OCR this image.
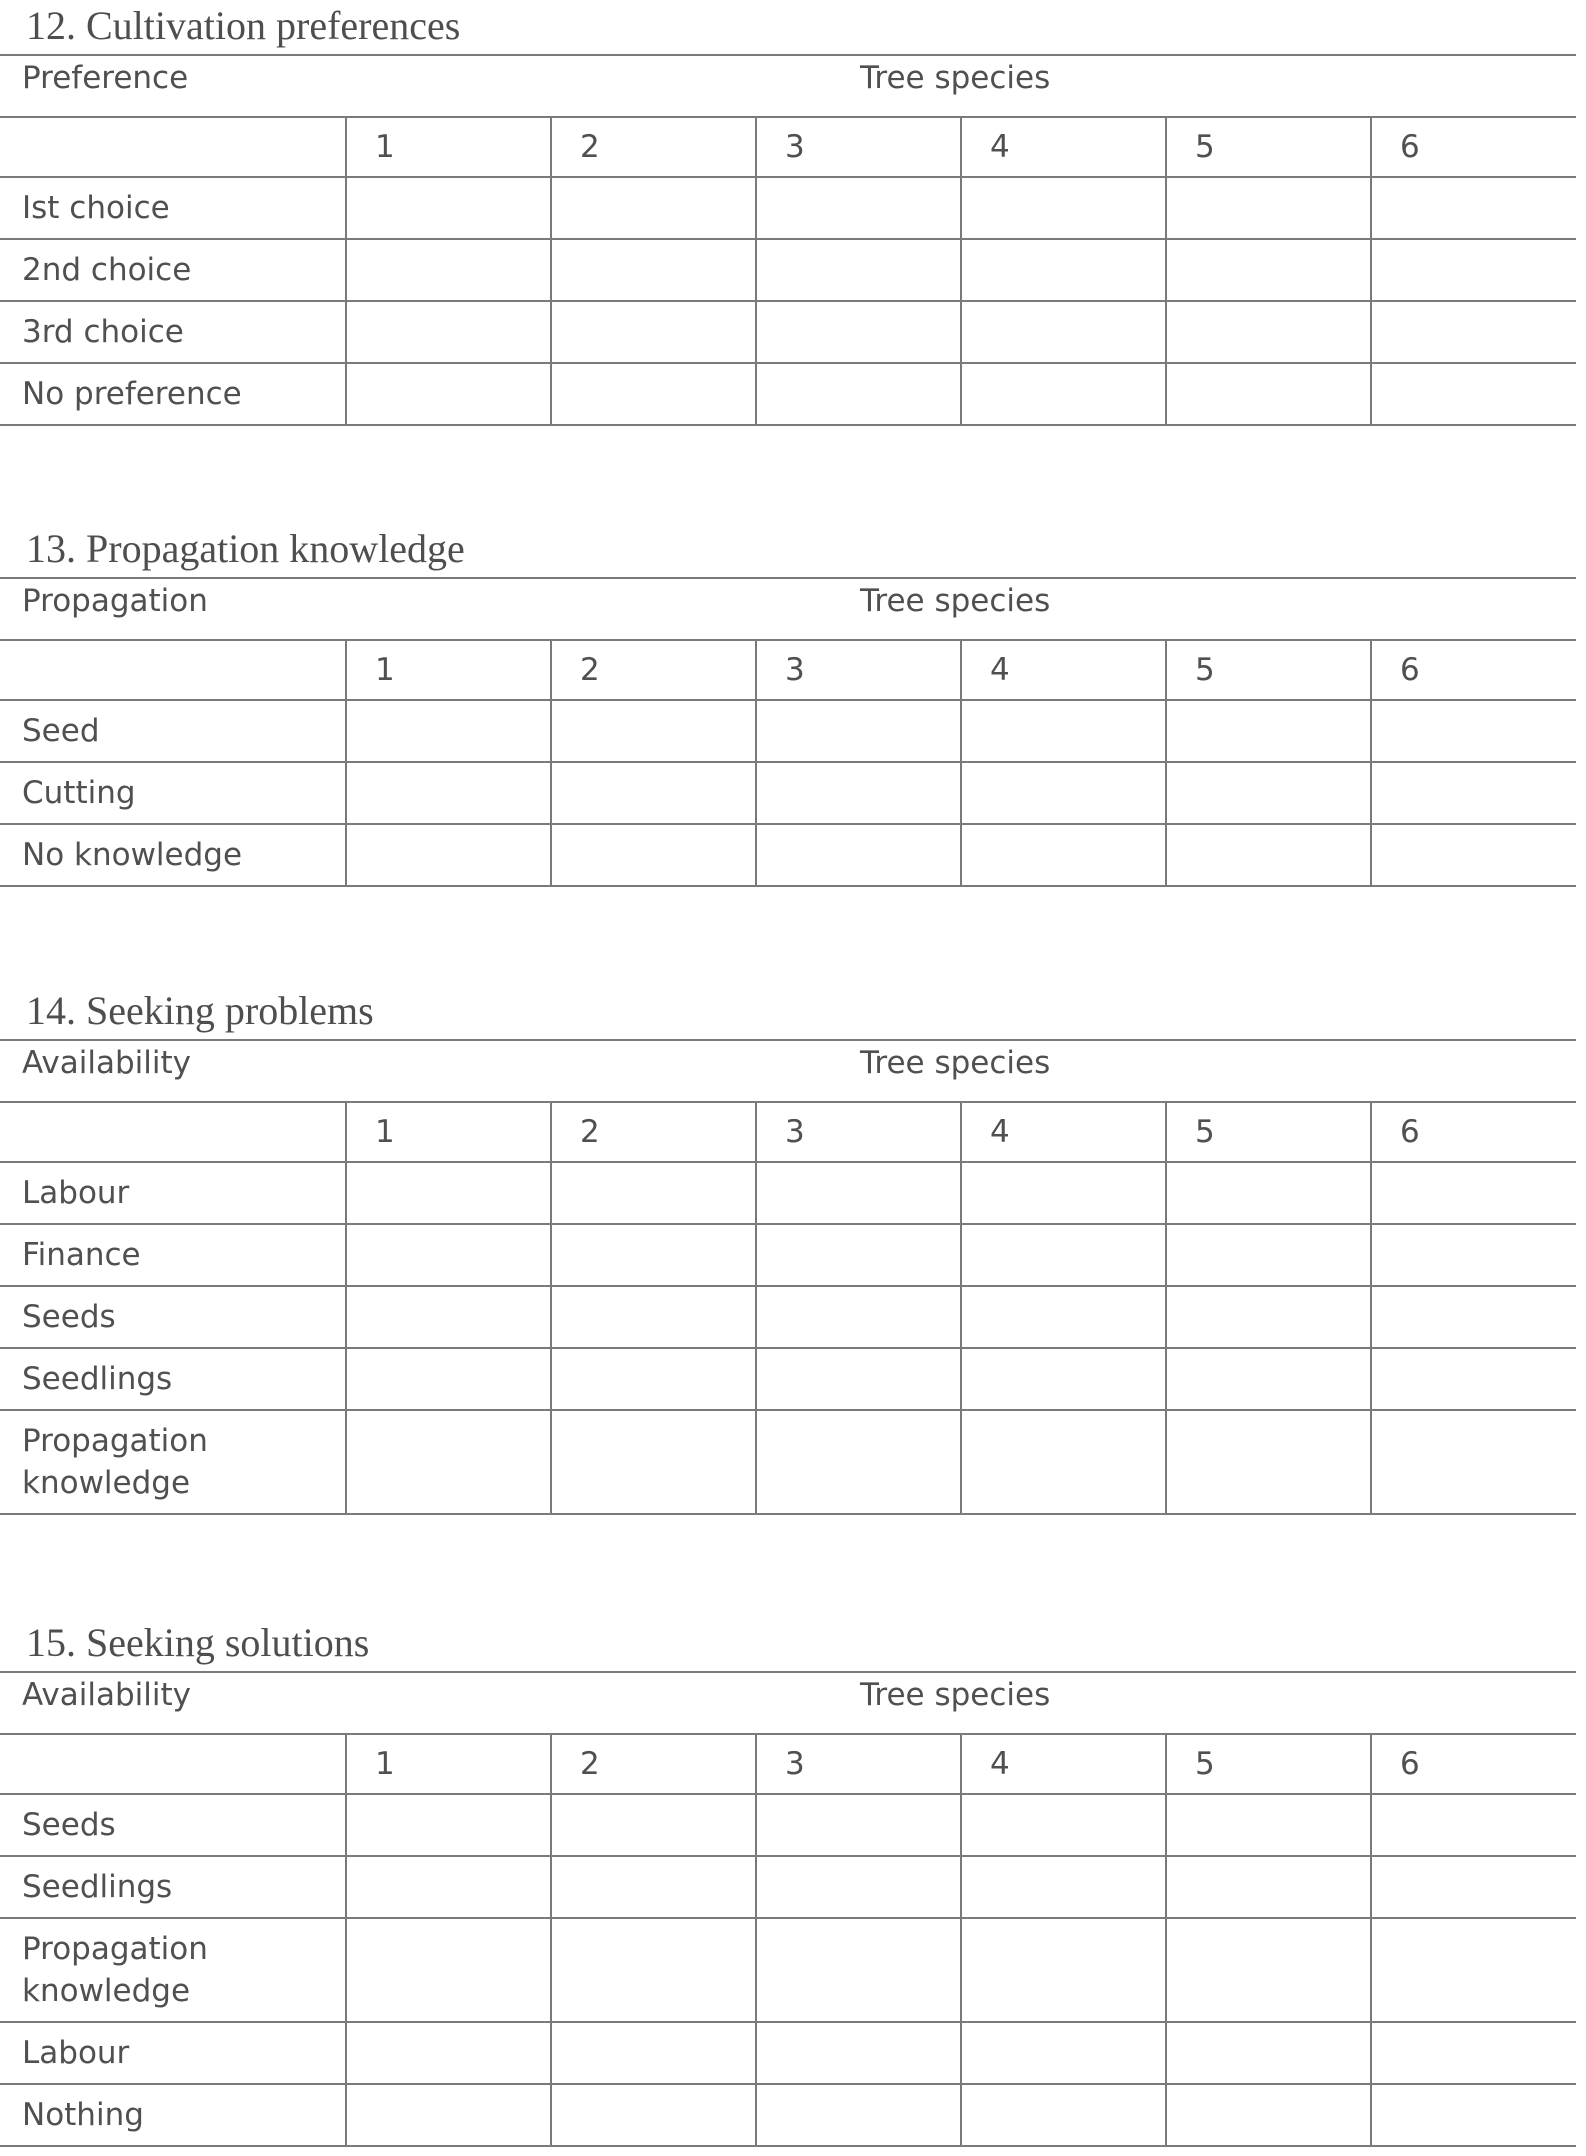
12. Cultivation preferences
Preference	Tree species					
	1	2	3	4	5	6
Ist choice						
2nd choice						
3rd choice						
No preference						
13. Propagation knowledge
Propagation	Tree species					
	1	2	3	4	5	6
Seed						
Cutting						
No knowledge						
14. Seeking problems
Availability	Tree species					
	1	2	3	4	5	6
Labour						
Finance						
Seeds						
Seedlings						
Propagation knowledge						
15. Seeking solutions
Availability	Tree species					
	1	2	3	4	5	6
Seeds						
Seedlings						
Propagation knowledge						
Labour						
Nothing						
